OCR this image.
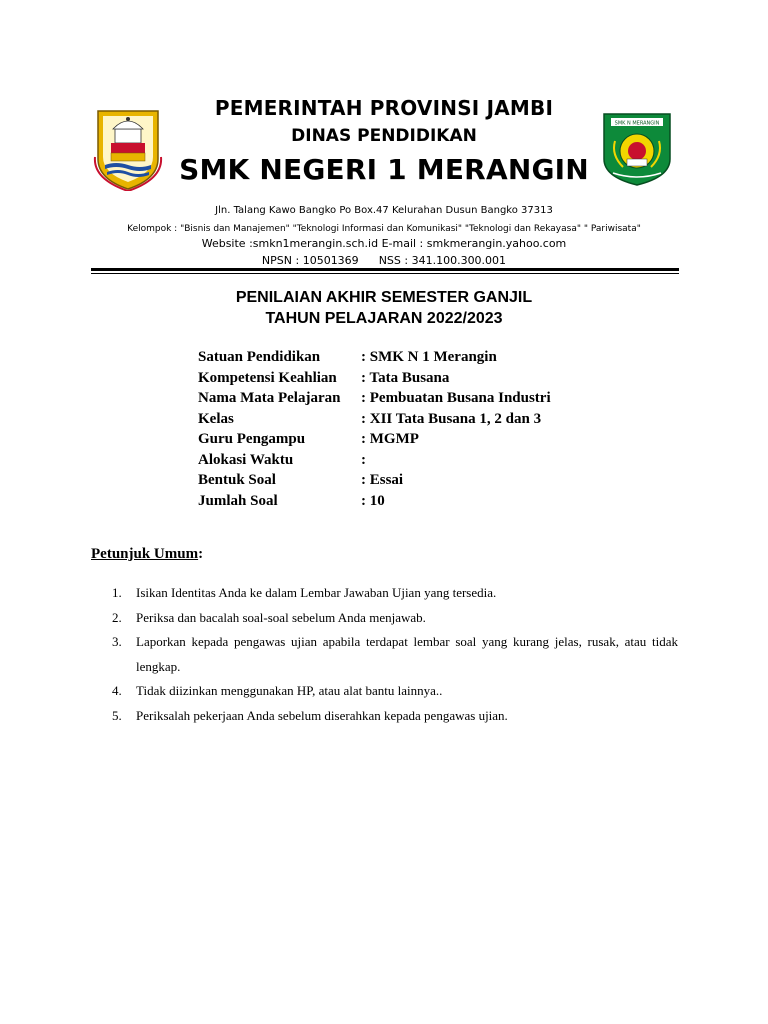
SMK N MERANGIN
PEMERINTAH PROVINSI JAMBI
DINAS PENDIDIKAN
SMK NEGERI 1 MERANGIN
Jln. Talang Kawo Bangko Po Box.47 Kelurahan Dusun Bangko 37313
Kelompok : "Bisnis dan Manajemen" "Teknologi Informasi dan Komunikasi" "Teknologi dan Rekayasa" " Pariwisata"
Website :smkn1merangin.sch.id E-mail : smkmerangin.yahoo.com
NPSN : 10501369 NSS : 341.100.300.001
PENILAIAN AKHIR SEMESTER GANJIL
TAHUN PELAJARAN 2022/2023
Satuan Pendidikan	: SMK N 1 Merangin
Kompetensi Keahlian : Tata Busana
Nama Mata Pelajaran : Pembuatan Busana Industri
Kelas	: XII Tata Busana 1, 2 dan 3
Guru Pengampu	: MGMP
Alokasi Waktu	:
Bentuk Soal	: Essai
Jumlah Soal	: 10
Petunjuk Umum:
1. Isikan Identitas Anda ke dalam Lembar Jawaban Ujian yang tersedia.
2. Periksa dan bacalah soal-soal sebelum Anda menjawab.
3. Laporkan kepada pengawas ujian apabila terdapat lembar soal yang kurang jelas, rusak, atau tidak lengkap.
4. Tidak diizinkan menggunakan HP, atau alat bantu lainnya..
5. Periksalah pekerjaan Anda sebelum diserahkan kepada pengawas ujian.
